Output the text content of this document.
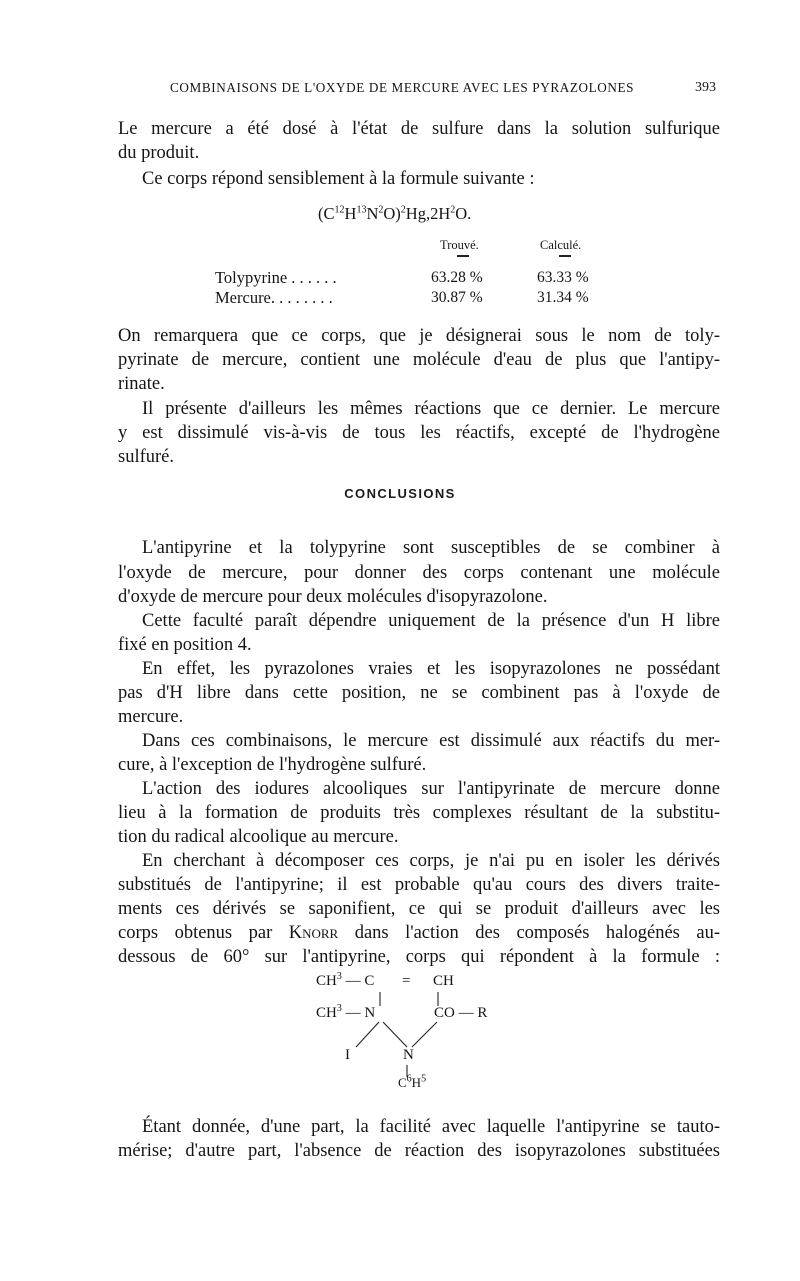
COMBINAISONS DE L'OXYDE DE MERCURE AVEC LES PYRAZOLONES	393
Le mercure a été dosé à l'état de sulfure dans la solution sulfurique
du produit.
Ce corps répond sensiblement à la formule suivante :
$(C^{12}H^{13}N^2O)^2Hg,2H^2O$.
Trouvé.	Calculé.
Tolypyrine . . . . . .	63.28 %	63.33 %
Mercure. . . . . . . .	30.87 %	31.34 %
On remarquera que ce corps, que je désignerai sous le nom de toly-
pyrinate de mercure, contient une molécule d'eau de plus que l'antipy-
rinate.
Il présente d'ailleurs les mêmes réactions que ce dernier. Le mercure
y est dissimulé vis-à-vis de tous les réactifs, excepté de l'hydrogène
sulfuré.
CONCLUSIONS
L'antipyrine et la tolypyrine sont susceptibles de se combiner à
l'oxyde de mercure, pour donner des corps contenant une molécule
d'oxyde de mercure pour deux molécules d'isopyrazolone.
Cette faculté paraît dépendre uniquement de la présence d'un H libre
fixé en position 4.
En effet, les pyrazolones vraies et les isopyrazolones ne possédant
pas d'H libre dans cette position, ne se combinent pas à l'oxyde de
mercure.
Dans ces combinaisons, le mercure est dissimulé aux réactifs du mer-
cure, à l'exception de l'hydrogène sulfuré.
L'action des iodures alcooliques sur l'antipyrinate de mercure donne
lieu à la formation de produits très complexes résultant de la substitu-
tion du radical alcoolique au mercure.
En cherchant à décomposer ces corps, je n'ai pu en isoler les dérivés
substitués de l'antipyrine; il est probable qu'au cours des divers traite-
ments ces dérivés se saponifient, ce qui se produit d'ailleurs avec les
corps obtenus par Knorr dans l'action des composés halogénés au-
dessous de 60° sur l'antipyrine, corps qui répondent à la formule :
$CH^3$ — C = CH
$CH^3$ — N	CO — R
I	N
$C^6H^5$
Étant donnée, d'une part, la facilité avec laquelle l'antipyrine se tauto-
mérise; d'autre part, l'absence de réaction des isopyrazolones substituées
